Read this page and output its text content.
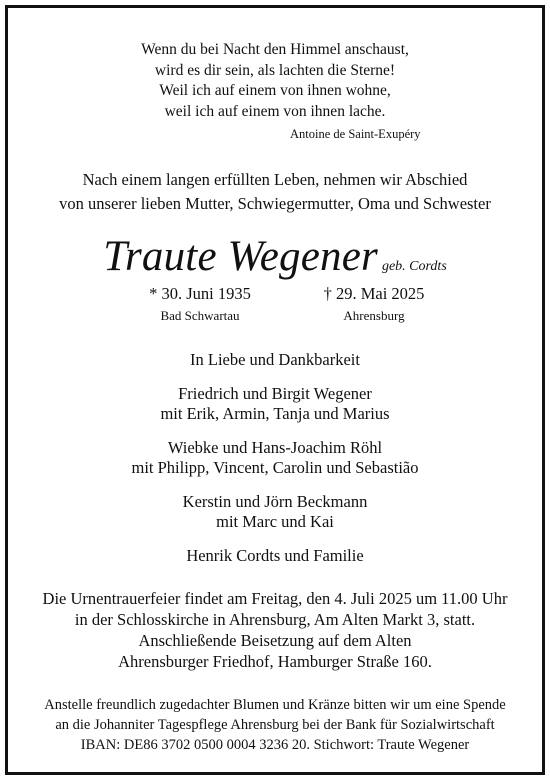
Wenn du bei Nacht den Himmel anschaust,
wird es dir sein, als lachten die Sterne!
Weil ich auf einem von ihnen wohne,
weil ich auf einem von ihnen lache.
Antoine de Saint-Exupéry
Nach einem langen erfüllten Leben, nehmen wir Abschied
von unserer lieben Mutter, Schwiegermutter, Oma und Schwester
Traute Wegener geb. Cordts
* 30. Juni 1935	† 29. Mai 2025
Bad Schwartau	Ahrensburg
In Liebe und Dankbarkeit
Friedrich und Birgit Wegener
mit Erik, Armin, Tanja und Marius
Wiebke und Hans-Joachim Röhl
mit Philipp, Vincent, Carolin und Sebastião
Kerstin und Jörn Beckmann
mit Marc und Kai
Henrik Cordts und Familie
Die Urnentrauerfeier findet am Freitag, den 4. Juli 2025 um 11.00 Uhr
in der Schlosskirche in Ahrensburg, Am Alten Markt 3, statt.
Anschließende Beisetzung auf dem Alten
Ahrensburger Friedhof, Hamburger Straße 160.
Anstelle freundlich zugedachter Blumen und Kränze bitten wir um eine Spende
an die Johanniter Tagespflege Ahrensburg bei der Bank für Sozialwirtschaft
IBAN: DE86 3702 0500 0004 3236 20. Stichwort: Traute Wegener
